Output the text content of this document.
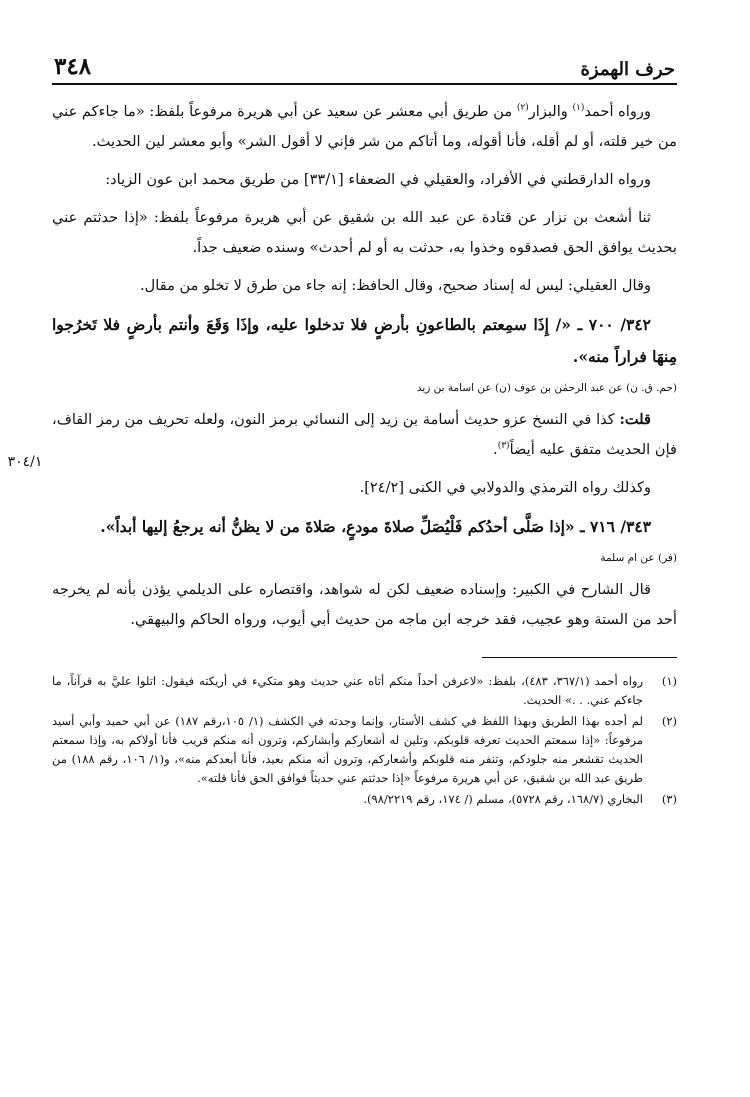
٣٠٤/١
حرف الهمزة
٣٤٨

ورواه أحمد$^{(١)}$ والبزار$^{(٢)}$ من طريق أبي معشر عن سعيد عن أبي هريرة مرفوعاً بلفظ: «ما جاءكم عني من خير قلته، أو لم أقله، فأنا أقوله، وما أتاكم من شر فإني لا أقول الشر» وأبو معشر لين الحديث.

ورواه الدارقطني في الأفراد، والعقيلي في الضعفاء [٣٣/١] من طريق محمد ابن عون الزياد:

ثنا أشعث بن نزار عن قتادة عن عبد الله بن شقيق عن أبي هريرة مرفوعاً بلفظ: «إذا حدثتم عني بحديث يوافق الحق فصدقوه وخذوا به، حدثت به أو لم أحدث» وسنده ضعيف جداً.

وقال العقيلي: ليس له إسناد صحيح، وقال الحافظ: إنه جاء من طرق لا تخلو من مقال.

٣٤٢/ ٧٠٠ ـ «/ إِذَا سمِعتم بالطاعونِ بأرضٍ فلا تدخلوا عليه، وإذَا وَقَعَ وأنتم بأرضٍ فلا تَخرُجوا مِنهَا فراراً منه».

(حم. ق. ن) عن عبد الرحمٰن بن عوف (ن) عن اسامة بن زيد

قلت: كذا في النسخ عزو حديث أسامة بن زيد إلى النسائي برمز النون، ولعله تحريف من رمز القاف، فإن الحديث متفق عليه أيضاً$^{(٣)}$.

وكذلك رواه الترمذي والدولابي في الكنى [٢٤/٢].

٣٤٣/ ٧١٦ ـ «إذا صَلَّى أحدُكم فَلْيُصَلِّ صلاةَ مودعٍ، صَلاةَ من لا يظنُّ أنه يرجعُ إليها أبداً».

(فر) عن ام سلمة

قال الشارح في الكبير: وإسناده ضعيف لكن له شواهد، واقتصاره على الديلمي يؤذن بأنه لم يخرجه أحد من الستة وهو عجيب، فقد خرجه ابن ماجه من حديث أبي أيوب، ورواه الحاكم والبيهقي.

(١)
رواه أحمد (٣٦٧/١، ٤٨٣)، بلفظ: «لاعرفن أحداً منكم أتاه عني حديث وهو متكيء في أريكته فيقول: اتلوا عليَّ به قرآناً، ما جاءكم عني. . .» الحديث.
(٢)
لم أجده بهذا الطريق وبهذا اللفظ في كشف الأستار، وإنما وجدته في الكشف (١/ ١٠٥،رقم ١٨٧) عن أبي حميد وأبي أسيد مرفوعاً: «إذا سمعتم الحديث تعرفه قلوبكم، وتلين له أشعاركم وأبشاركم، وترون أنه منكم قريب فأنا أولاكم به، وإذا سمعتم الحديث تقشعر منه جلودكم، وتنفر منه قلوبكم وأشعاركم، وترون أنه منكم بعيد، فأنا أبعدكم منه»، و(١/ ١٠٦، رقم ١٨٨) من طريق عبد الله بن شقيق، عن أبي هريرة مرفوعاً «إذا حدثتم عني حديثاً فوافق الحق فأنا قلته».
(٣)
البخاري (١٦٨/٧، رقم ٥٧٢٨)، مسلم (/ ١٧٤، رقم ٩٨/٢٢١٩).
